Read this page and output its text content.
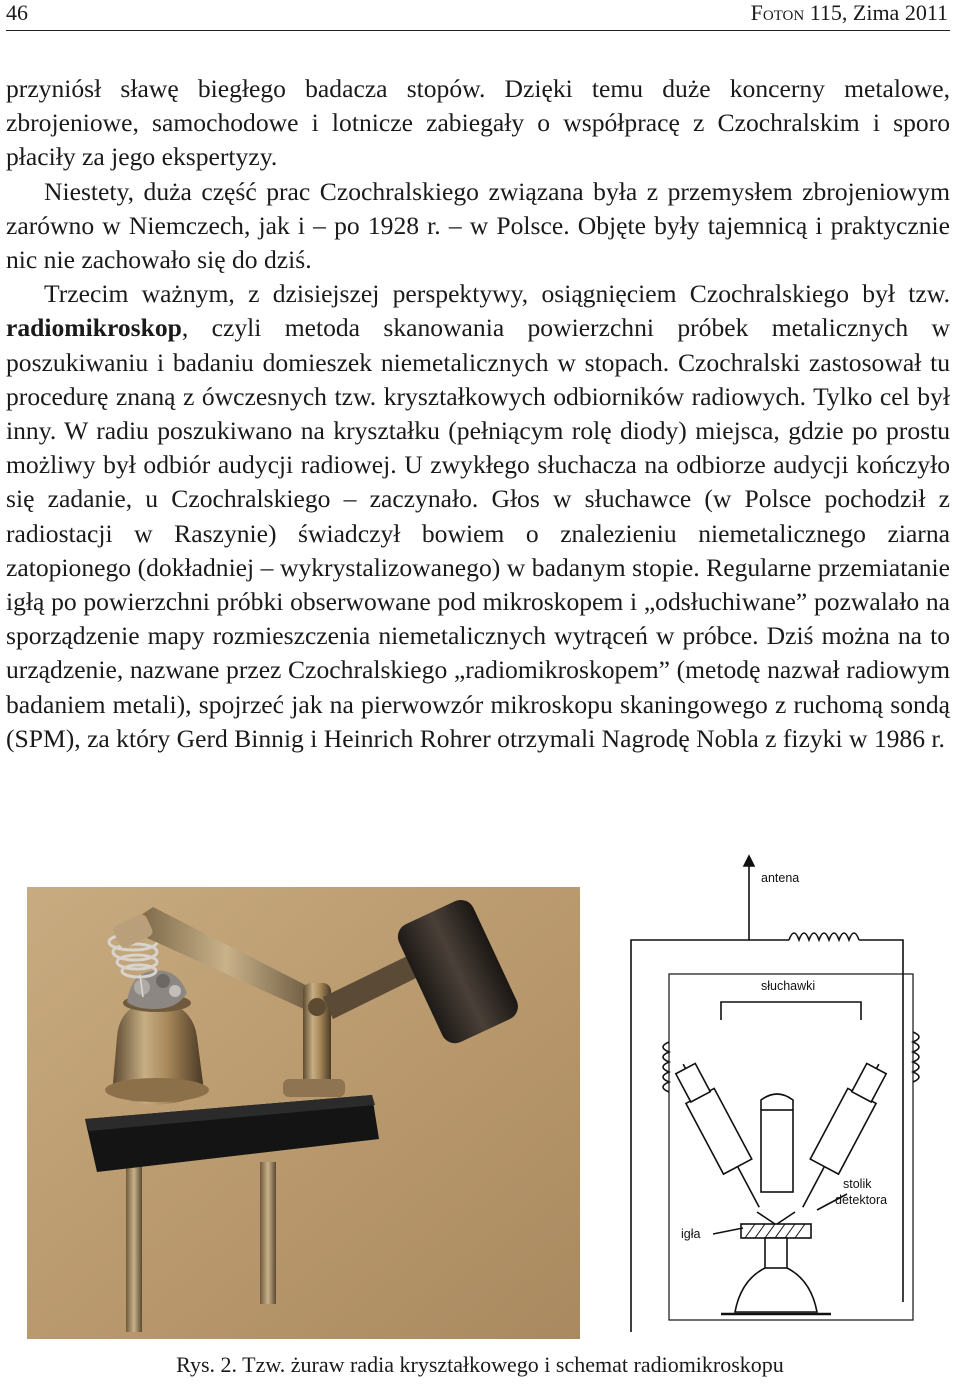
46	Foton 115, Zima 2011

przyniósł sławę biegłego badacza stopów. Dzięki temu duże koncerny metalowe, zbrojeniowe, samochodowe i lotnicze zabiegały o współpracę z Czochralskim i sporo płaciły za jego ekspertyzy.

Niestety, duża część prac Czochralskiego związana była z przemysłem zbrojeniowym zarówno w Niemczech, jak i – po 1928 r. – w Polsce. Objęte były tajemnicą i praktycznie nic nie zachowało się do dziś.

Trzecim ważnym, z dzisiejszej perspektywy, osiągnięciem Czochralskiego był tzw. radiomikroskop, czyli metoda skanowania powierzchni próbek metalicznych w poszukiwaniu i badaniu domieszek niemetalicznych w stopach. Czochralski zastosował tu procedurę znaną z ówczesnych tzw. kryształkowych odbiorników radiowych. Tylko cel był inny. W radiu poszukiwano na kryształku (pełniącym rolę diody) miejsca, gdzie po prostu możliwy był odbiór audycji radiowej. U zwykłego słuchacza na odbiorze audycji kończyło się zadanie, u Czochralskiego – zaczynało. Głos w słuchawce (w Polsce pochodził z radiostacji w Raszynie) świadczył bowiem o znalezieniu niemetalicznego ziarna zatopionego (dokładniej – wykrystalizowanego) w badanym stopie. Regularne przemiatanie igłą po powierzchni próbki obserwowane pod mikroskopem i „odsłuchiwane” pozwalało na sporządzenie mapy rozmieszczenia niemetalicznych wytrąceń w próbce. Dziś można na to urządzenie, nazwane przez Czochralskiego „radiomikroskopem” (metodę nazwał radiowym badaniem metali), spojrzeć jak na pierwowzór mikroskopu skaningowego z ruchomą sondą (SPM), za który Gerd Binnig i Heinrich Rohrer otrzymali Nagrodę Nobla z fizyki w 1986 r.

antena
słuchawki
stolik
detektora
igła
Rys. 2. Tzw. żuraw radia kryształkowego i schemat radiomikroskopu
